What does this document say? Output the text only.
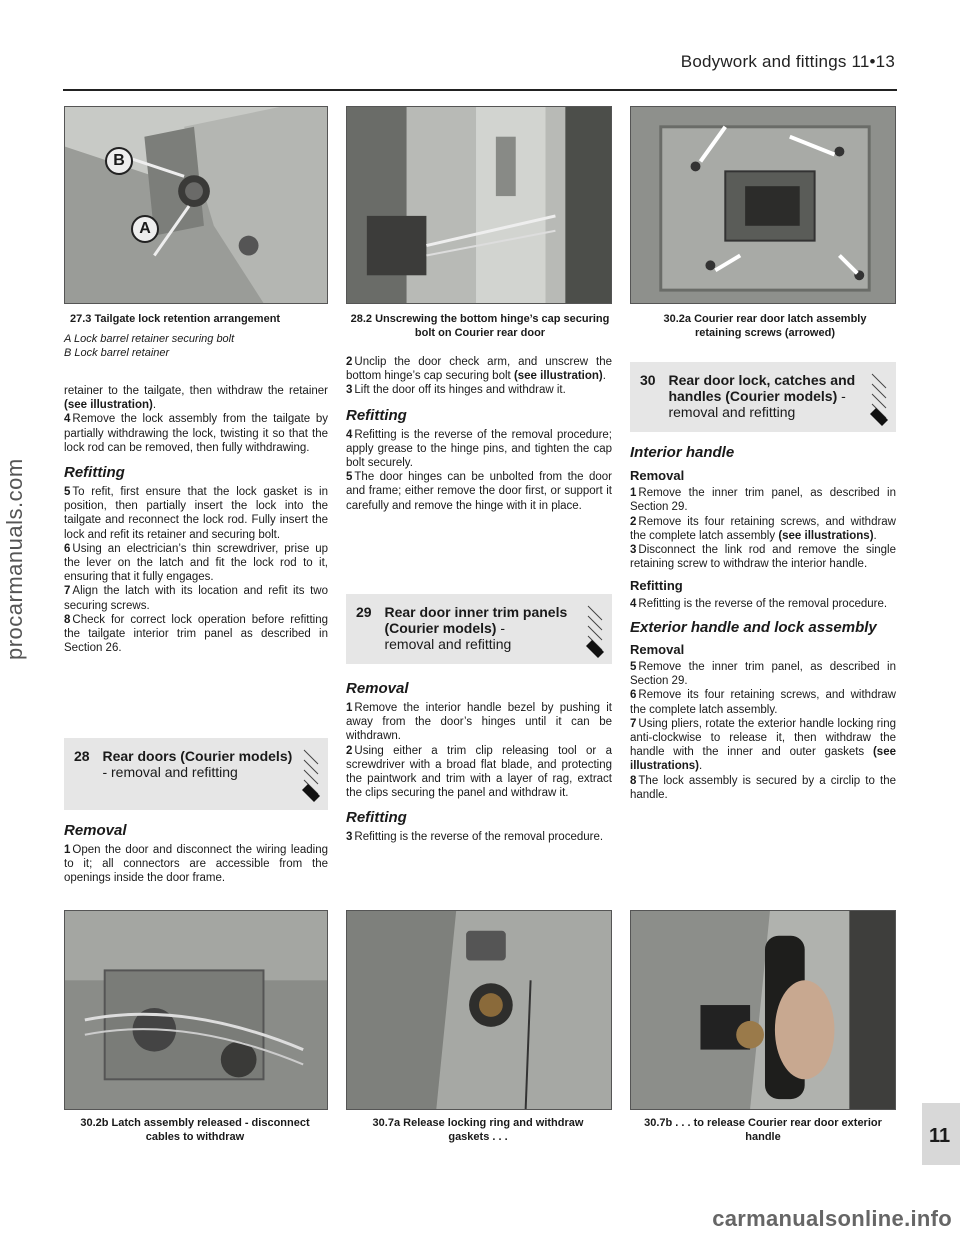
Bodywork and fittings 11•13
B
A
27.3 Tailgate lock retention arrangement
A Lock barrel retainer securing bolt
B Lock barrel retainer
28.2 Unscrewing the bottom hinge’s cap securing bolt on Courier rear door
30.2a Courier rear door latch assembly retaining screws (arrowed)

retainer to the tailgate, then withdraw the retainer (see illustration).

4 Remove the lock assembly from the tailgate by partially withdrawing the lock, twisting it so that the lock rod can be removed, then fully withdrawing.

Refitting

5 To refit, first ensure that the lock gasket is in position, then partially insert the lock into the tailgate and reconnect the lock rod. Fully insert the lock and refit its retainer and securing bolt.

6 Using an electrician’s thin screwdriver, prise up the lever on the latch and fit the lock rod to it, ensuring that it fully engages.

7 Align the latch with its location and refit its two securing screws.

8 Check for correct lock operation before refitting the tailgate interior trim panel as described in Section 26.

28 Rear doors (Courier models)
- removal and refitting
Removal

1 Open the door and disconnect the wiring leading to it; all connectors are accessible from the openings inside the door frame.

2 Unclip the door check arm, and unscrew the bottom hinge’s cap securing bolt (see illustration).

3 Lift the door off its hinges and withdraw it.

Refitting

4 Refitting is the reverse of the removal procedure; apply grease to the hinge pins, and tighten the cap bolt securely.

5 The door hinges can be unbolted from the door and frame; either remove the door first, or support it carefully and remove the hinge with it in place.

29 Rear door inner trim panels (Courier models) -
removal and refitting
Removal

1 Remove the interior handle bezel by pushing it away from the door’s hinges until it can be withdrawn.

2 Using either a trim clip releasing tool or a screwdriver with a broad flat blade, and protecting the paintwork and trim with a layer of rag, extract the clips securing the panel and withdraw it.

Refitting

3 Refitting is the reverse of the removal procedure.

30 Rear door lock, catches and handles (Courier models) -
removal and refitting
Interior handle
Removal

1 Remove the inner trim panel, as described in Section 29.

2 Remove its four retaining screws, and withdraw the complete latch assembly (see illustrations).

3 Disconnect the link rod and remove the single retaining screw to withdraw the interior handle.

Refitting

4 Refitting is the reverse of the removal procedure.

Exterior handle and lock assembly
Removal

5 Remove the inner trim panel, as described in Section 29.

6 Remove its four retaining screws, and withdraw the complete latch assembly.

7 Using pliers, rotate the exterior handle locking ring anti-clockwise to release it, then withdraw the handle with the inner and outer gaskets (see illustrations).

8 The lock assembly is secured by a circlip to the handle.

30.2b Latch assembly released - disconnect cables to withdraw
30.7a Release locking ring and withdraw gaskets . . .
30.7b . . . to release Courier rear door exterior handle	11
procarmanuals.com
carmanualsonline.info
